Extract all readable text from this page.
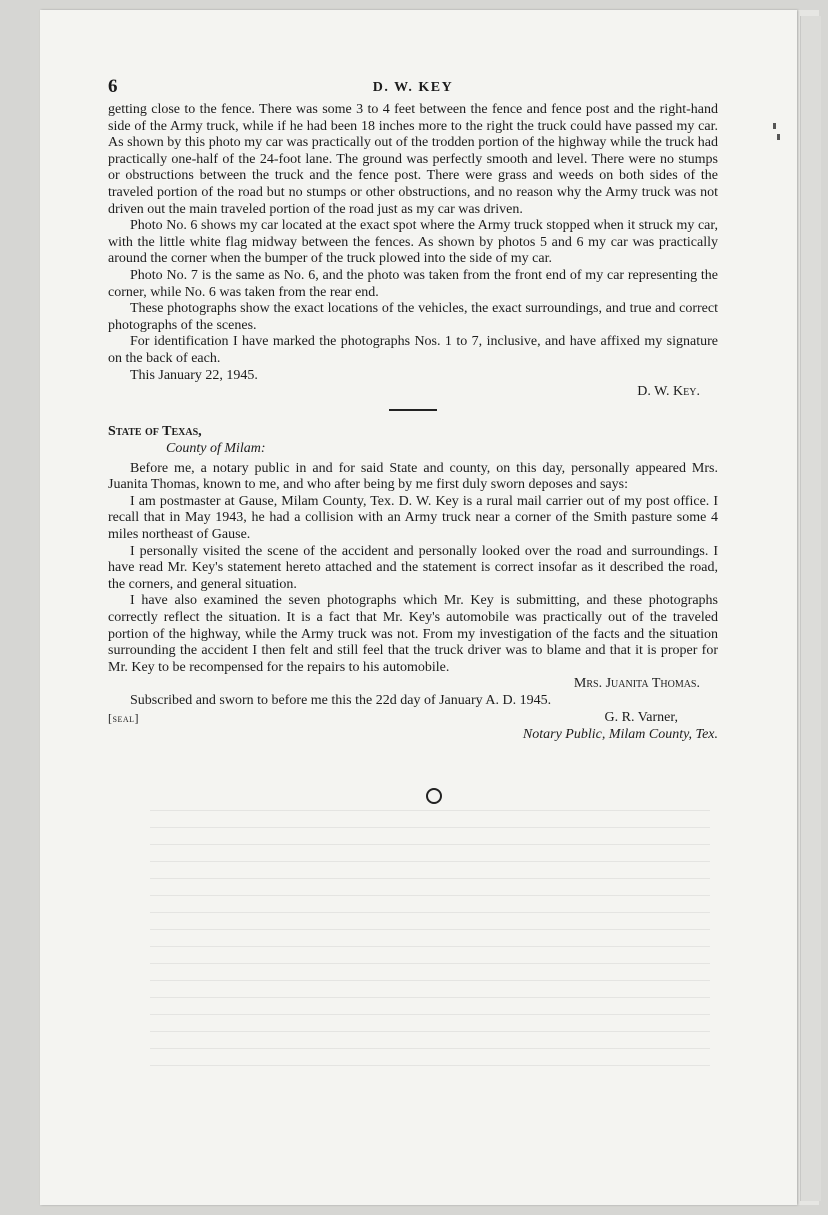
6	D. W. KEY

getting close to the fence. There was some 3 to 4 feet between the fence and fence post and the right-hand side of the Army truck, while if he had been 18 inches more to the right the truck could have passed my car. As shown by this photo my car was practically out of the trodden portion of the highway while the truck had practically one-half of the 24-foot lane. The ground was perfectly smooth and level. There were no stumps or obstructions between the truck and the fence post. There were grass and weeds on both sides of the traveled portion of the road but no stumps or other obstructions, and no reason why the Army truck was not driven out the main traveled portion of the road just as my car was driven.

Photo No. 6 shows my car located at the exact spot where the Army truck stopped when it struck my car, with the little white flag midway between the fences. As shown by photos 5 and 6 my car was practically around the corner when the bumper of the truck plowed into the side of my car.

Photo No. 7 is the same as No. 6, and the photo was taken from the front end of my car representing the corner, while No. 6 was taken from the rear end.

These photographs show the exact locations of the vehicles, the exact surroundings, and true and correct photographs of the scenes.

For identification I have marked the photographs Nos. 1 to 7, inclusive, and have affixed my signature on the back of each.

This January 22, 1945.

D. W. Key.
State of Texas,
County of Milam:

Before me, a notary public in and for said State and county, on this day, personally appeared Mrs. Juanita Thomas, known to me, and who after being by me first duly sworn deposes and says:

I am postmaster at Gause, Milam County, Tex. D. W. Key is a rural mail carrier out of my post office. I recall that in May 1943, he had a collision with an Army truck near a corner of the Smith pasture some 4 miles northeast of Gause.

I personally visited the scene of the accident and personally looked over the road and surroundings. I have read Mr. Key's statement hereto attached and the statement is correct insofar as it described the road, the corners, and general situation.

I have also examined the seven photographs which Mr. Key is submitting, and these photographs correctly reflect the situation. It is a fact that Mr. Key's automobile was practically out of the traveled portion of the highway, while the Army truck was not. From my investigation of the facts and the situation surrounding the accident I then felt and still feel that the truck driver was to blame and that it is proper for Mr. Key to be recompensed for the repairs to his automobile.

Mrs. Juanita Thomas.

Subscribed and sworn to before me this the 22d day of January A. D. 1945.

[seal]	G. R. Varner,
Notary Public, Milam County, Tex.
